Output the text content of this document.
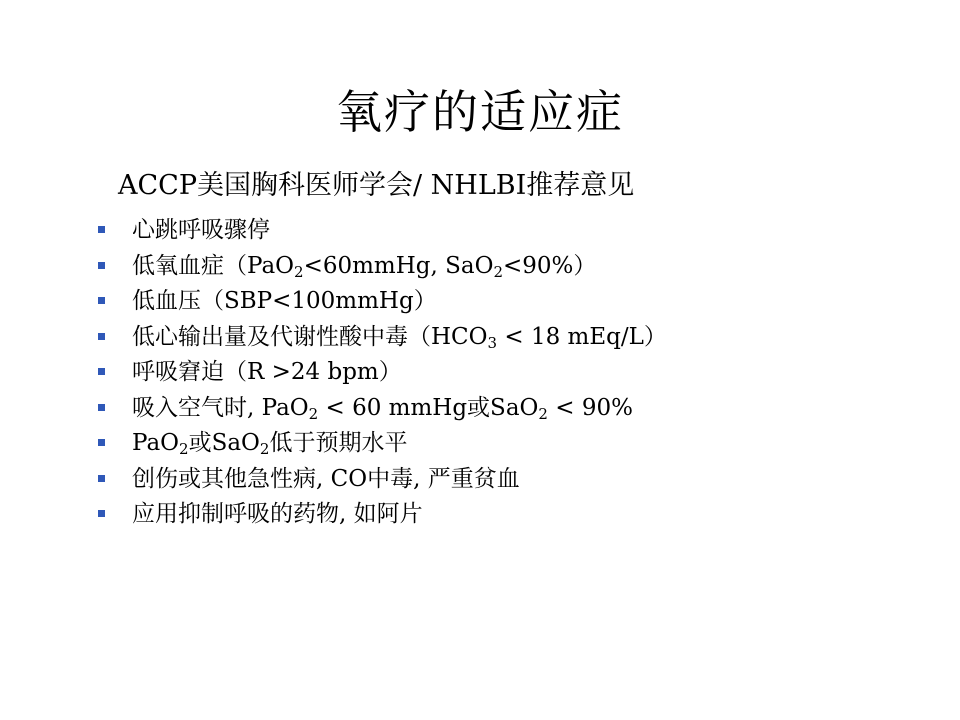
氧疗的适应症
ACCP美国胸科医师学会/ NHLBI推荐意见
心跳呼吸骤停
低氧血症（PaO$_2$<60mmHg, SaO$_2$<90%）
低血压（SBP<100mmHg）
低心输出量及代谢性酸中毒（$HCO_3 < 18$ mEq/L）
呼吸窘迫（R >24 bpm）
吸入空气时, PaO$_2$ < 60 mmHg或SaO$_2$ < 90%
PaO$_2$或SaO$_2$低于预期水平
创伤或其他急性病, CO中毒, 严重贫血
应用抑制呼吸的药物, 如阿片
